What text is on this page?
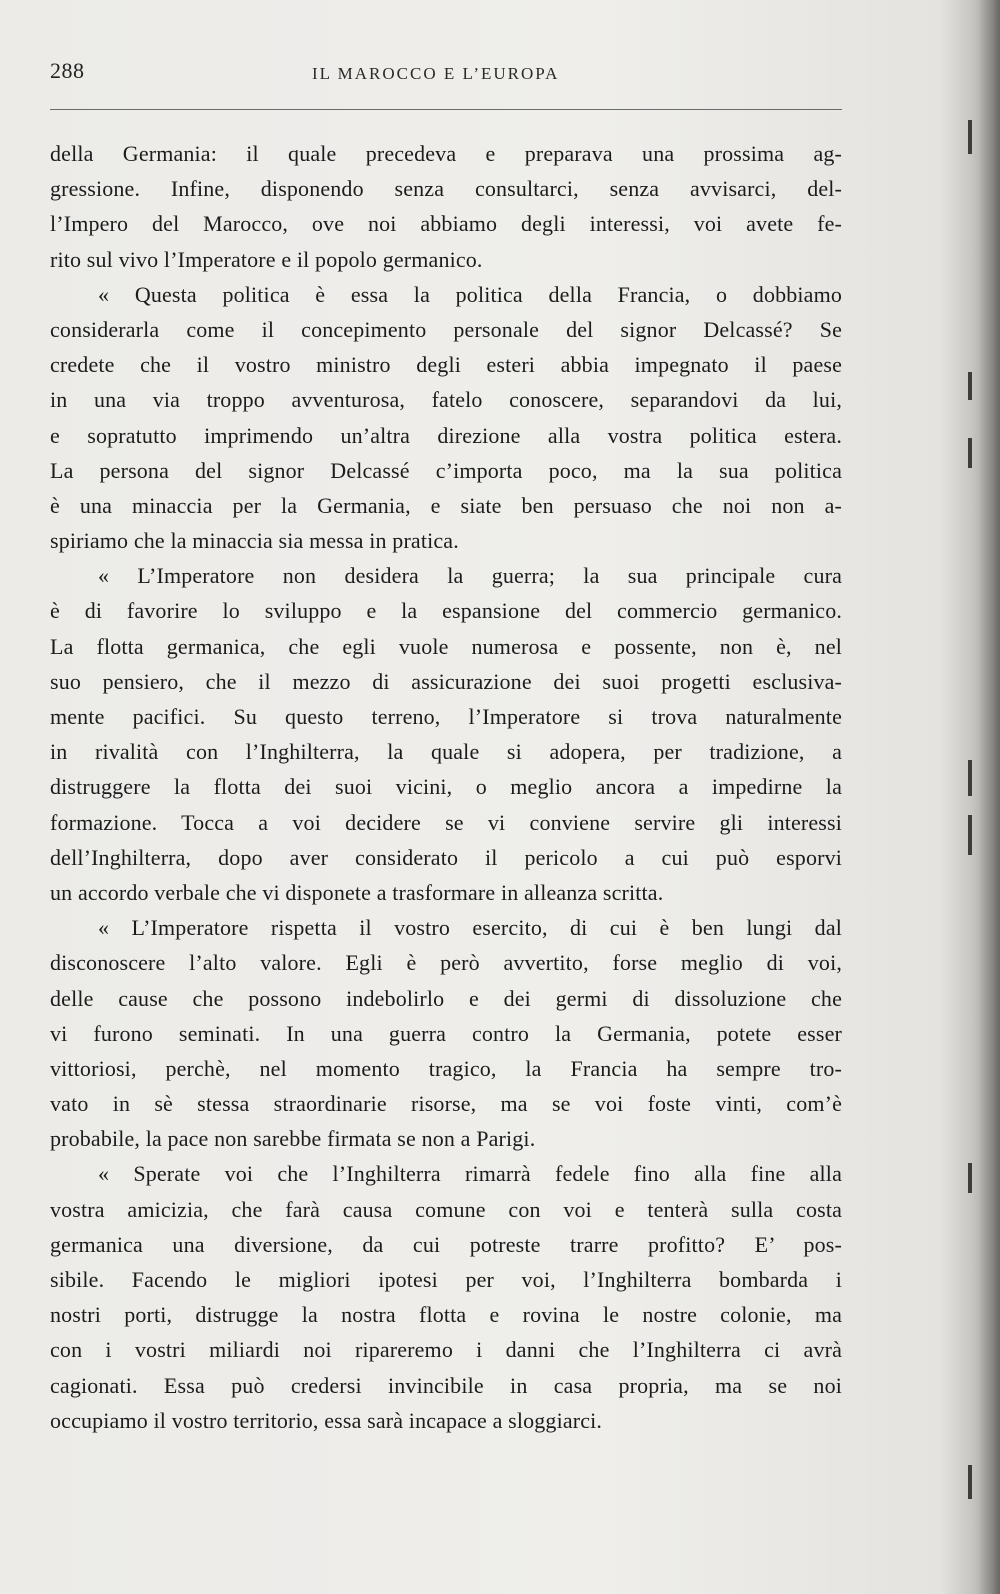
288	IL MAROCCO E L’EUROPA
della Germania: il quale precedeva e preparava una prossima ag-
gressione. Infine, disponendo senza consultarci, senza avvisarci, del-
l’Impero del Marocco, ove noi abbiamo degli interessi, voi avete fe-
rito sul vivo l’Imperatore e il popolo germanico.
« Questa politica è essa la politica della Francia, o dobbiamo
considerarla come il concepimento personale del signor Delcassé? Se
credete che il vostro ministro degli esteri abbia impegnato il paese
in una via troppo avventurosa, fatelo conoscere, separandovi da lui,
e sopratutto imprimendo un’altra direzione alla vostra politica estera.
La persona del signor Delcassé c’importa poco, ma la sua politica
è una minaccia per la Germania, e siate ben persuaso che noi non a-
spiriamo che la minaccia sia messa in pratica.
« L’Imperatore non desidera la guerra; la sua principale cura
è di favorire lo sviluppo e la espansione del commercio germanico.
La flotta germanica, che egli vuole numerosa e possente, non è, nel
suo pensiero, che il mezzo di assicurazione dei suoi progetti esclusiva-
mente pacifici. Su questo terreno, l’Imperatore si trova naturalmente
in rivalità con l’Inghilterra, la quale si adopera, per tradizione, a
distruggere la flotta dei suoi vicini, o meglio ancora a impedirne la
formazione. Tocca a voi decidere se vi conviene servire gli interessi
dell’Inghilterra, dopo aver considerato il pericolo a cui può esporvi
un accordo verbale che vi disponete a trasformare in alleanza scritta.
« L’Imperatore rispetta il vostro esercito, di cui è ben lungi dal
disconoscere l’alto valore. Egli è però avvertito, forse meglio di voi,
delle cause che possono indebolirlo e dei germi di dissoluzione che
vi furono seminati. In una guerra contro la Germania, potete esser
vittoriosi, perchè, nel momento tragico, la Francia ha sempre tro-
vato in sè stessa straordinarie risorse, ma se voi foste vinti, com’è
probabile, la pace non sarebbe firmata se non a Parigi.
« Sperate voi che l’Inghilterra rimarrà fedele fino alla fine alla
vostra amicizia, che farà causa comune con voi e tenterà sulla costa
germanica una diversione, da cui potreste trarre profitto? E’ pos-
sibile. Facendo le migliori ipotesi per voi, l’Inghilterra bombarda i
nostri porti, distrugge la nostra flotta e rovina le nostre colonie, ma
con i vostri miliardi noi ripareremo i danni che l’Inghilterra ci avrà
cagionati. Essa può credersi invincibile in casa propria, ma se noi
occupiamo il vostro territorio, essa sarà incapace a sloggiarci.
